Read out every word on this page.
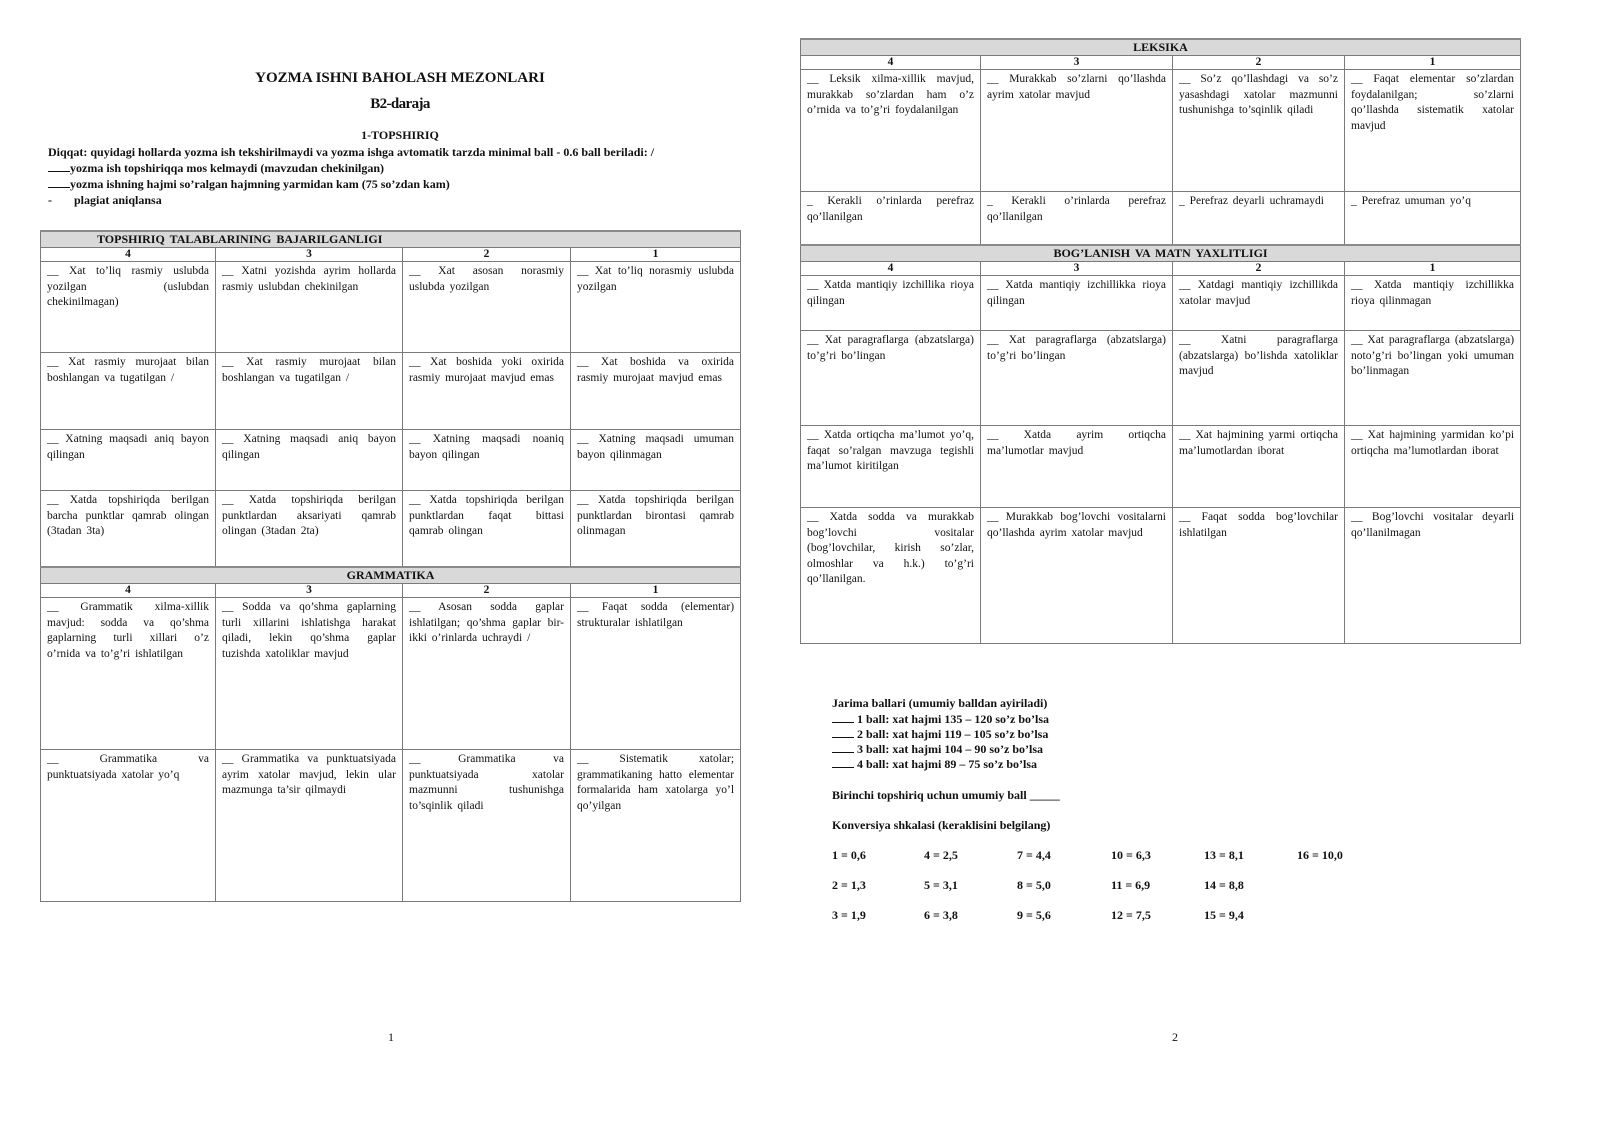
YOZMA ISHNI BAHOLASH MEZONLARI
B2-daraja
1-TOPSHIRIQ
Diqqat: quyidagi hollarda yozma ish tekshirilmaydi va yozma ishga avtomatik tarzda minimal ball - 0.6 ball beriladi: /
yozma ish topshiriqqa mos kelmaydi (mavzudan chekinilgan)
yozma ishning hajmi so’ralgan hajmning yarmidan kam (75 so’zdan kam)
- plagiat aniqlansa
TOPSHIRIQ TALABLARINING BAJARILGANLIGI			
4	3	2	1
__ Xat to’liq rasmiy uslubda yozilgan (uslubdan chekinilmagan)	__ Xatni yozishda ayrim hollarda rasmiy uslubdan chekinilgan	__ Xat asosan norasmiy uslubda yozilgan	__ Xat to’liq norasmiy uslubda yozilgan
__ Xat rasmiy murojaat bilan boshlangan va tugatilgan /	__ Xat rasmiy murojaat bilan boshlangan va tugatilgan /	__ Xat boshida yoki oxirida rasmiy murojaat mavjud emas	__ Xat boshida va oxirida rasmiy murojaat mavjud emas
__ Xatning maqsadi aniq bayon qilingan	__ Xatning maqsadi aniq bayon qilingan	__ Xatning maqsadi noaniq bayon qilingan	__ Xatning maqsadi umuman bayon qilinmagan
__ Xatda topshiriqda berilgan barcha punktlar qamrab olingan (3tadan 3ta)	__ Xatda topshiriqda berilgan punktlardan aksariyati qamrab olingan (3tadan 2ta)	__ Xatda topshiriqda berilgan punktlardan faqat bittasi qamrab olingan	__ Xatda topshiriqda berilgan punktlardan birontasi qamrab olinmagan
GRAMMATIKA			
4	3	2	1
__ Grammatik xilma-xillik mavjud: sodda va qo’shma gaplarning turli xillari o’z o’rnida va to’g’ri ishlatilgan	__ Sodda va qo’shma gaplarning turli xillarini ishlatishga harakat qiladi, lekin qo’shma gaplar tuzishda xatoliklar mavjud	__ Asosan sodda gaplar ishlatilgan; qo’shma gaplar bir-ikki o’rinlarda uchraydi /	__ Faqat sodda (elementar) strukturalar ishlatilgan
__ Grammatika va punktuatsiyada xatolar yo’q	__ Grammatika va punktuatsiyada ayrim xatolar mavjud, lekin ular mazmunga ta’sir qilmaydi	__ Grammatika va punktuatsiyada xatolar mazmunni tushunishga to’sqinlik qiladi	__ Sistematik xatolar; grammatikaning hatto elementar formalarida ham xatolarga yo’l qo’yilgan
1
LEKSIKA			
4	3	2	1
__ Leksik xilma-xillik mavjud, murakkab so’zlardan ham o’z o’rnida va to’g’ri foydalanilgan	__ Murakkab so’zlarni qo’llashda ayrim xatolar mavjud	__ So’z qo’llashdagi va so’z yasashdagi xatolar mazmunni tushunishga to’sqinlik qiladi	__ Faqat elementar so’zlardan foydalanilgan; so’zlarni qo’llashda sistematik xatolar mavjud
_ Kerakli o’rinlarda perefraz qo’llanilgan	_ Kerakli o’rinlarda perefraz qo’llanilgan	_ Perefraz deyarli uchramaydi	_ Perefraz umuman yo’q
BOG’LANISH VA MATN YAXLITLIGI			
4	3	2	1
__ Xatda mantiqiy izchillika rioya qilingan	__ Xatda mantiqiy izchillikka rioya qilingan	__ Xatdagi mantiqiy izchillikda xatolar mavjud	__ Xatda mantiqiy izchillikka rioya qilinmagan
__ Xat paragraflarga (abzatslarga) to’g’ri bo’lingan	__ Xat paragraflarga (abzatslarga) to’g’ri bo’lingan	__ Xatni paragraflarga (abzatslarga) bo’lishda xatoliklar mavjud	__ Xat paragraflarga (abzatslarga) noto’g’ri bo’lingan yoki umuman bo’linmagan
__ Xatda ortiqcha ma’lumot yo’q, faqat so’ralgan mavzuga tegishli ma’lumot kiritilgan	__ Xatda ayrim ortiqcha ma’lumotlar mavjud	__ Xat hajmining yarmi ortiqcha ma’lumotlardan iborat	__ Xat hajmining yarmidan ko’pi ortiqcha ma’lumotlardan iborat
__ Xatda sodda va murakkab bog’lovchi vositalar (bog’lovchilar, kirish so’zlar, olmoshlar va h.k.) to’g’ri qo’llanilgan.	__ Murakkab bog’lovchi vositalarni qo’llashda ayrim xatolar mavjud	__ Faqat sodda bog’lovchilar ishlatilgan	__ Bog’lovchi vositalar deyarli qo’llanilmagan
Jarima ballari (umumiy balldan ayiriladi)
1 ball: xat hajmi 135 – 120 so’z bo’lsa
2 ball: xat hajmi 119 – 105 so’z bo’lsa
3 ball: xat hajmi 104 – 90 so’z bo’lsa
4 ball: xat hajmi 89 – 75 so’z bo’lsa
Birinchi topshiriq uchun umumiy ball _____
Konversiya shkalasi (keraklisini belgilang)
1 = 0,6
2 = 1,3
3 = 1,9
4 = 2,5
5 = 3,1
6 = 3,8
7 = 4,4
8 = 5,0
9 = 5,6
10 = 6,3
11 = 6,9
12 = 7,5
13 = 8,1
14 = 8,8
15 = 9,4
16 = 10,0
2
